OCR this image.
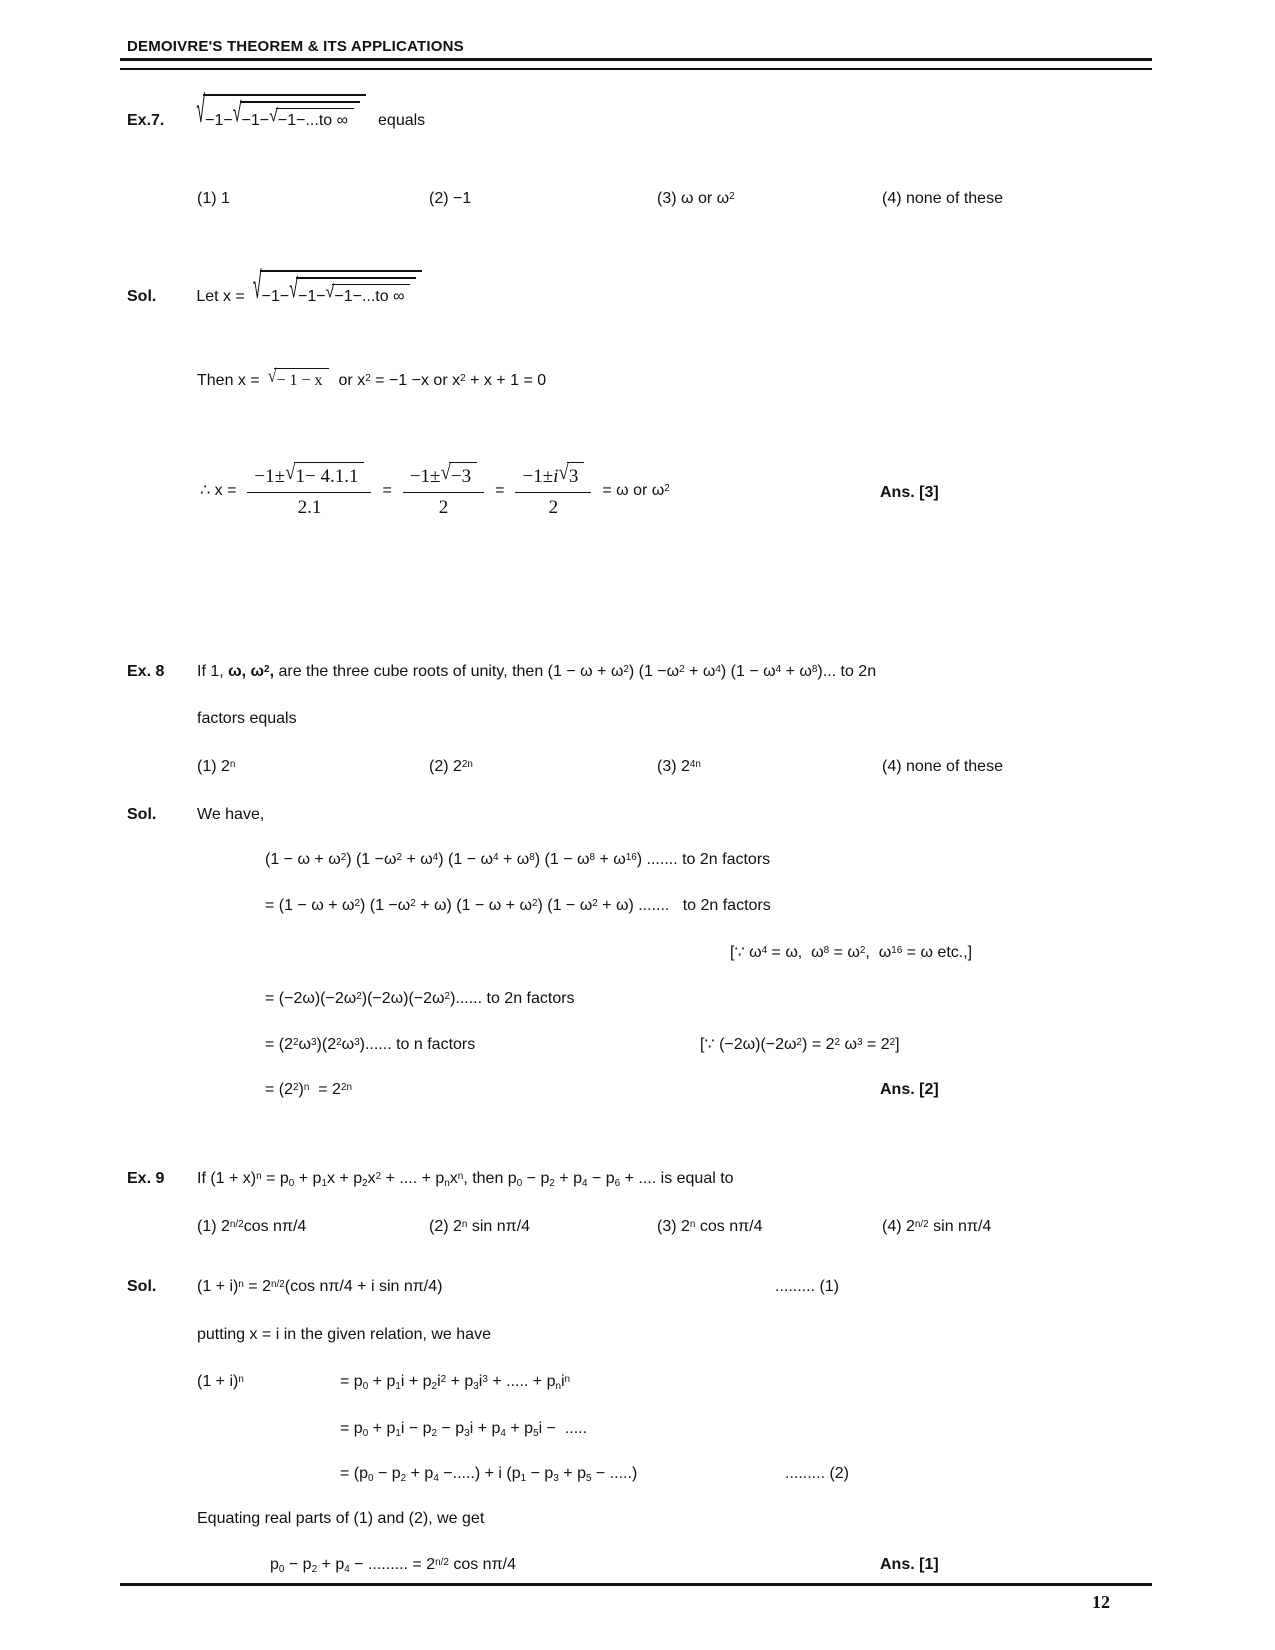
DEMOIVRE'S THEOREM & ITS APPLICATIONS
Ex.7. √−1−√−1−√−1−...to ∞ equals
(1) 1	(2) −1	(3) ω or $\omega^2$	(4) none of these
Sol.	Let x = √−1−√−1−√−1−...to ∞
Then x = √− 1 − x or $x^2 = -1 -x$ or $x^2 + x + 1 = 0$
∴ $x = \frac{-1\pm√1- 4.1.1}{2.1} = \frac{-1\pm√-3}{2} = \frac{-1\pm i√3}{2} = \omega$ or $\omega^2$	Ans. [3]
Ex. 8 If 1, ω, $\omega^2$, are the three cube roots of unity, then $(1 - \omega + \omega^2)$ $(1 -\omega^2 + \omega^4)$ $(1 - \omega^4 + \omega^8)$... to 2n
factors equals
(1) 2$^n$	(2) $2^{2n}$	(3) $2^{4n}$	(4) none of these
Sol.	We have,
$(1 - \omega + \omega^2)$ $(1 -\omega^2 + \omega^4)$ $(1 - \omega^4 + \omega^8)$ $(1 - \omega^8 + \omega^{16})$ ....... to 2n factors
= $(1 - \omega + \omega^2)$ $(1 -\omega^2 + \omega)$ $(1 - \omega + \omega^2)$ $(1 - \omega^2 + \omega)$ .......   to 2n factors
[∵ $\omega^4 = \omega$,  $\omega^8 = \omega^2$,  $\omega^{16} = \omega$ etc.,]
= $(-2\omega)(-2\omega^2)(-2\omega)(-2\omega^2)$...... to 2n factors
= $(2^2\omega^3)(2^2\omega^3)$...... to n factors	[∵ $(-2\omega)(-2\omega^2) = 2^2$ $\omega^3 = 2^2$]
= $(2^2)^n = 2^{2n}$	Ans. [2]
Ex. 9 If $(1 + x)^n = p_0 + p_1x + p_2x^2$ + .... + $p_nx^n$, then $p_0 - p_2 + p_4 - p_6$ + .... is equal to
(1) $2^{n/2}\cos$ nπ/4	(2) 2$^n$ sin nπ/4	(3) 2$^n$ cos nπ/4	(4) $2^{n/2}$ sin nπ/4
Sol.	$(1 + i)^n = 2^{n/2}(\cos$ nπ/4 + i sin nπ/4)	......... (1)
putting x = i in the given relation, we have
$(1 + i)^n$	= $p_0 + p_1i + p_2i^2 + p_3i^3$ + ..... + $p_ni^n$
= $p_0 + p_1i - p_2 - p_3i + p_4 + p_5i$ −  .....
= ($p_0 - p_2 + p_4$ −.....) + i ($p_1 - p_3 + p_5$ − .....)	......... (2)
Equating real parts of (1) and (2), we get
$p_0 - p_2 + p_4$ − ......... = $2^{n/2}$ cos nπ/4	Ans. [1]
12
